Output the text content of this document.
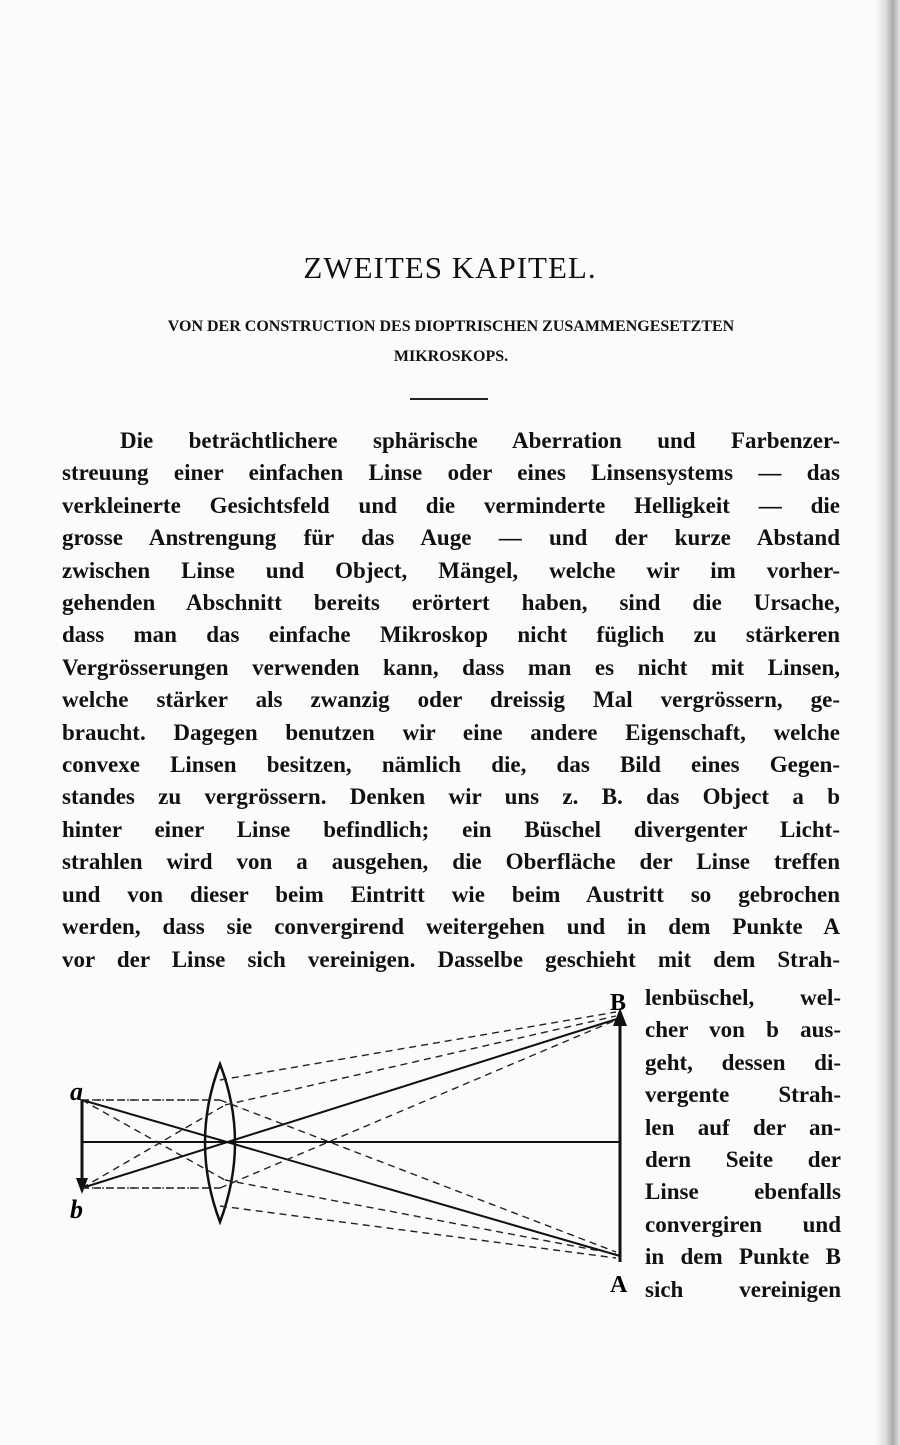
ZWEITES KAPITEL.
VON DER CONSTRUCTION DES DIOPTRISCHEN ZUSAMMENGESETZTEN
MIKROSKOPS.
Die beträchtlichere sphärische Aberration und Farbenzer-
streuung einer einfachen Linse oder eines Linsensystems — das
verkleinerte Gesichtsfeld und die verminderte Helligkeit — die
grosse Anstrengung für das Auge — und der kurze Abstand
zwischen Linse und Object, Mängel, welche wir im vorher-
gehenden Abschnitt bereits erörtert haben, sind die Ursache,
dass man das einfache Mikroskop nicht füglich zu stärkeren
Vergrösserungen verwenden kann, dass man es nicht mit Linsen,
welche stärker als zwanzig oder dreissig Mal vergrössern, ge-
braucht. Dagegen benutzen wir eine andere Eigenschaft, welche
convexe Linsen besitzen, nämlich die, das Bild eines Gegen-
standes zu vergrössern. Denken wir uns z. B. das Object a b
hinter einer Linse befindlich; ein Büschel divergenter Licht-
strahlen wird von a ausgehen, die Oberfläche der Linse treffen
und von dieser beim Eintritt wie beim Austritt so gebrochen
werden, dass sie convergirend weitergehen und in dem Punkte A
vor der Linse sich vereinigen. Dasselbe geschieht mit dem Strah-
lenbüschel, wel-
cher von b aus-
geht, dessen di-
vergente Strah-
len auf der an-
dern Seite der
Linse ebenfalls
convergiren und
in dem Punkte B
sich vereinigen
a
b
B
A
